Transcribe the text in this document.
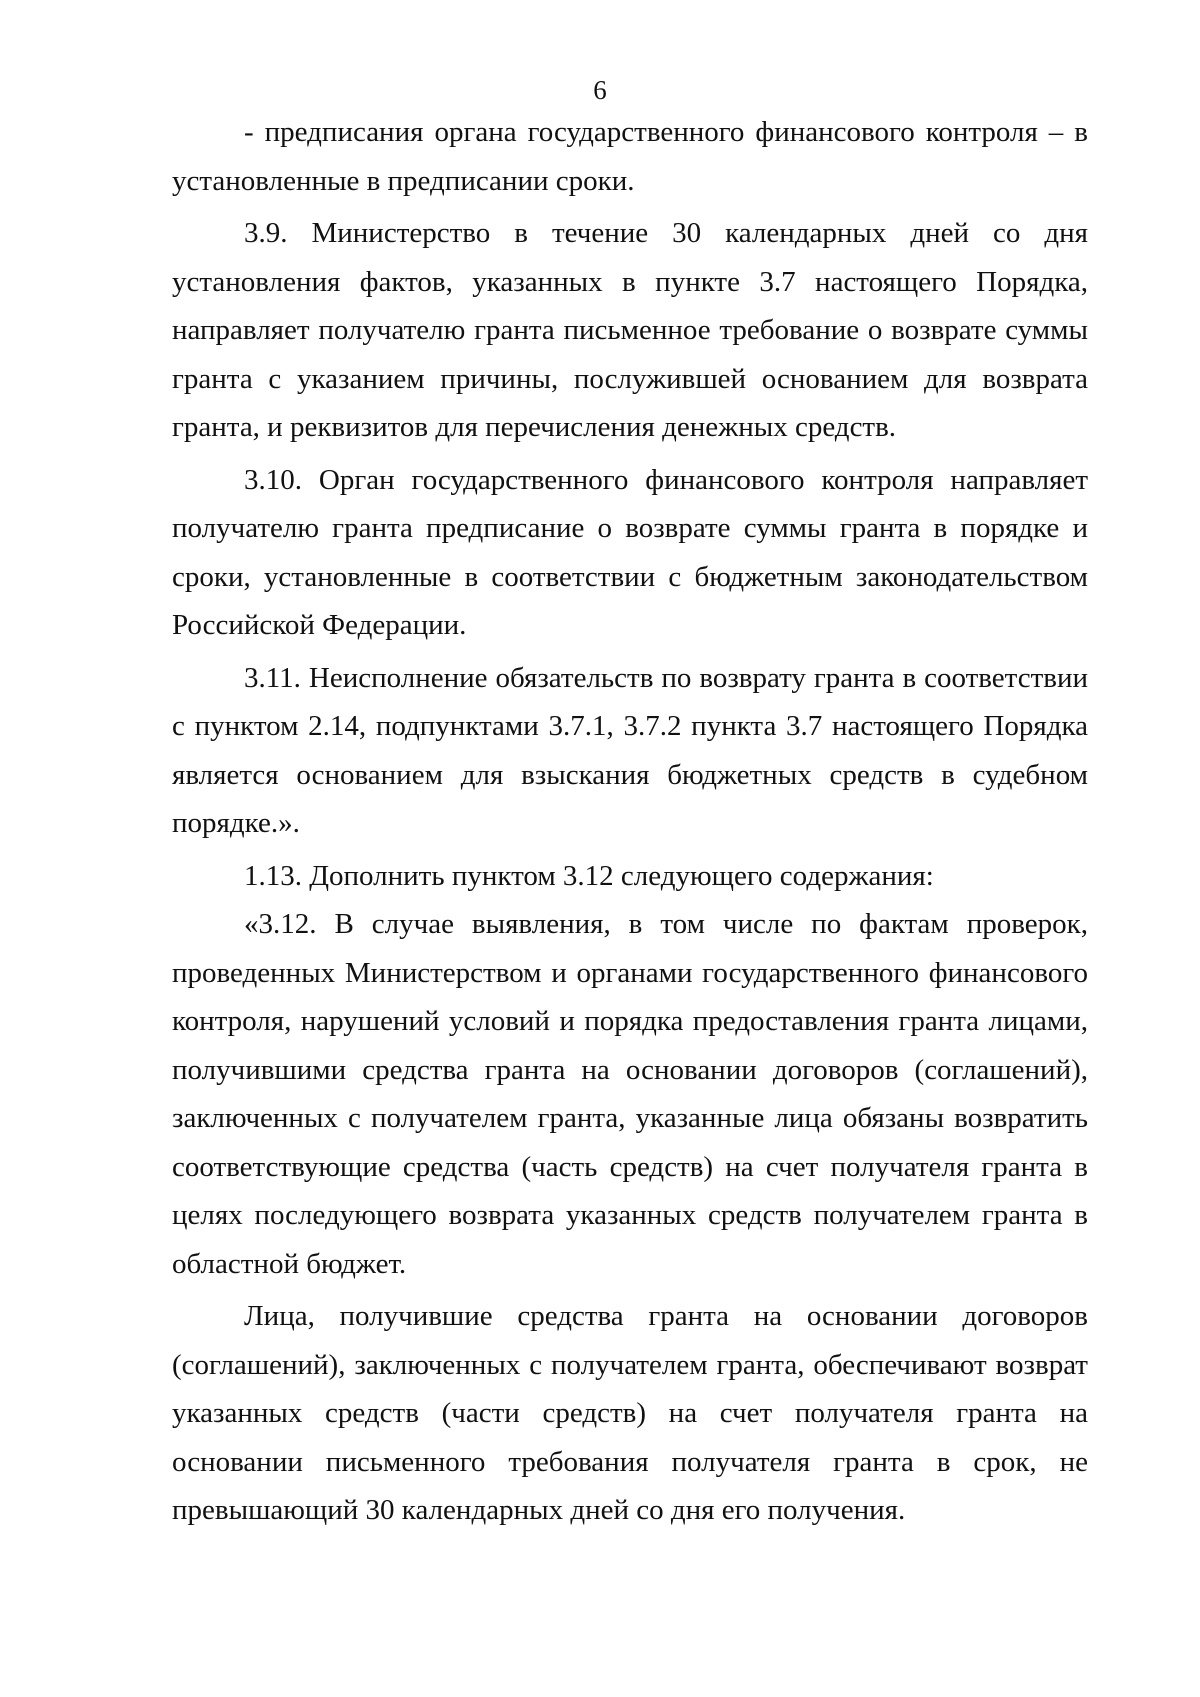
6

- предписания органа государственного финансового контроля – в установленные в предписании сроки.

3.9. Министерство в течение 30 календарных дней со дня установления фактов, указанных в пункте 3.7 настоящего Порядка, направляет получателю гранта письменное требование о возврате суммы гранта с указанием причины, послужившей основанием для возврата гранта, и реквизитов для перечисления денежных средств.

3.10. Орган государственного финансового контроля направляет получателю гранта предписание о возврате суммы гранта в порядке и сроки, установленные в соответствии с бюджетным законодательством Российской Федерации.

3.11. Неисполнение обязательств по возврату гранта в соответствии с пунктом 2.14, подпунктами 3.7.1, 3.7.2 пункта 3.7 настоящего Порядка является основанием для взыскания бюджетных средств в судебном порядке.».

1.13. Дополнить пунктом 3.12 следующего содержания:

«3.12. В случае выявления, в том числе по фактам проверок, проведенных Министерством и органами государственного финансового контроля, нарушений условий и порядка предоставления гранта лицами, получившими средства гранта на основании договоров (соглашений), заключенных с получателем гранта, указанные лица обязаны возвратить соответствующие средства (часть средств) на счет получателя гранта в целях последующего возврата указанных средств получателем гранта в областной бюджет.

Лица, получившие средства гранта на основании договоров (соглашений), заключенных с получателем гранта, обеспечивают возврат указанных средств (части средств) на счет получателя гранта на основании письменного требования получателя гранта в срок, не превышающий 30 календарных дней со дня его получения.
